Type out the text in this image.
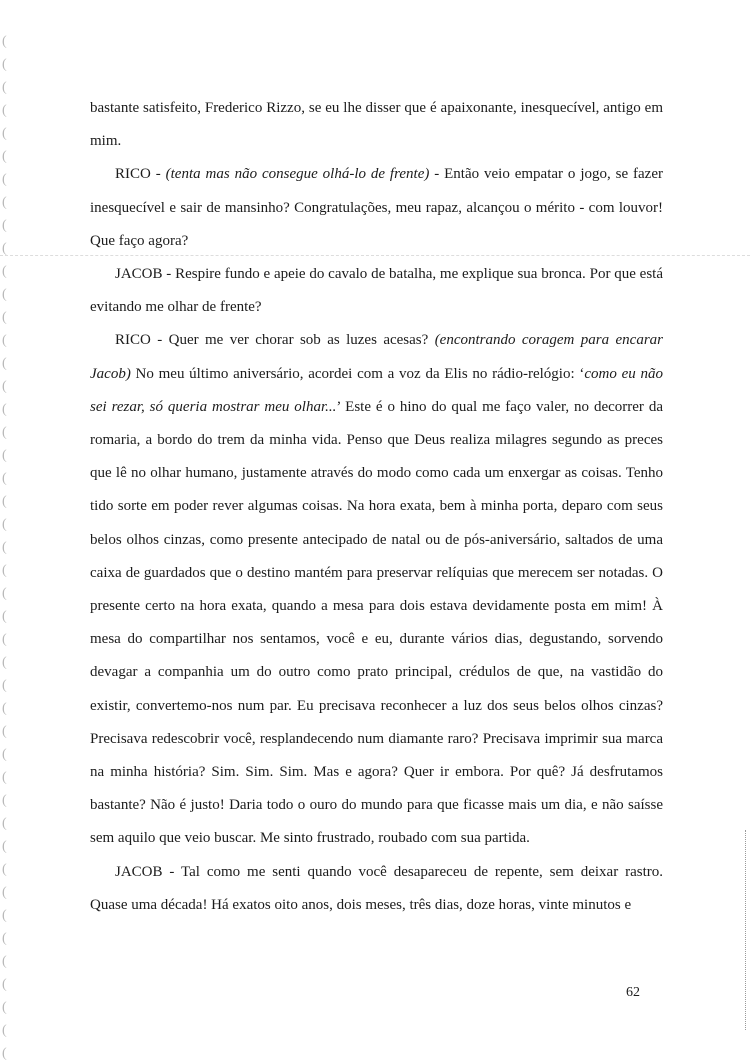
(
(
(
(
(
(
(
(
(
(
(
(
(
(
(
(
(
(
(
(
(
(
(
(
(
(
(
(
(
(
(
(
(
(
(
(
(
(
(
(
(
(
(
(
(

bastante satisfeito, Frederico Rizzo, se eu lhe disser que é apaixonante, inesquecível, antigo em mim.

RICO - (tenta mas não consegue olhá-lo de frente) - Então veio empatar o jogo, se fazer inesquecível e sair de mansinho? Congratulações, meu rapaz, alcançou o mérito - com louvor! Que faço agora?

JACOB - Respire fundo e apeie do cavalo de batalha, me explique sua bronca. Por que está evitando me olhar de frente?

RICO - Quer me ver chorar sob as luzes acesas? (encontrando coragem para encarar Jacob) No meu último aniversário, acordei com a voz da Elis no rádio-relógio: ‘como eu não sei rezar, só queria mostrar meu olhar...’ Este é o hino do qual me faço valer, no decorrer da romaria, a bordo do trem da minha vida. Penso que Deus realiza milagres segundo as preces que lê no olhar humano, justamente através do modo como cada um enxergar as coisas. Tenho tido sorte em poder rever algumas coisas. Na hora exata, bem à minha porta, deparo com seus belos olhos cinzas, como presente antecipado de natal ou de pós-aniversário, saltados de uma caixa de guardados que o destino mantém para preservar relíquias que merecem ser notadas. O presente certo na hora exata, quando a mesa para dois estava devidamente posta em mim! À mesa do compartilhar nos sentamos, você e eu, durante vários dias, degustando, sorvendo devagar a companhia um do outro como prato principal, crédulos de que, na vastidão do existir, convertemo-nos num par. Eu precisava reconhecer a luz dos seus belos olhos cinzas? Precisava redescobrir você, resplandecendo num diamante raro? Precisava imprimir sua marca na minha história? Sim. Sim. Sim. Mas e agora? Quer ir embora. Por quê? Já desfrutamos bastante? Não é justo! Daria todo o ouro do mundo para que ficasse mais um dia, e não saísse sem aquilo que veio buscar. Me sinto frustrado, roubado com sua partida.

JACOB - Tal como me senti quando você desapareceu de repente, sem deixar rastro. Quase uma década! Há exatos oito anos, dois meses, três dias, doze horas, vinte minutos e

62
